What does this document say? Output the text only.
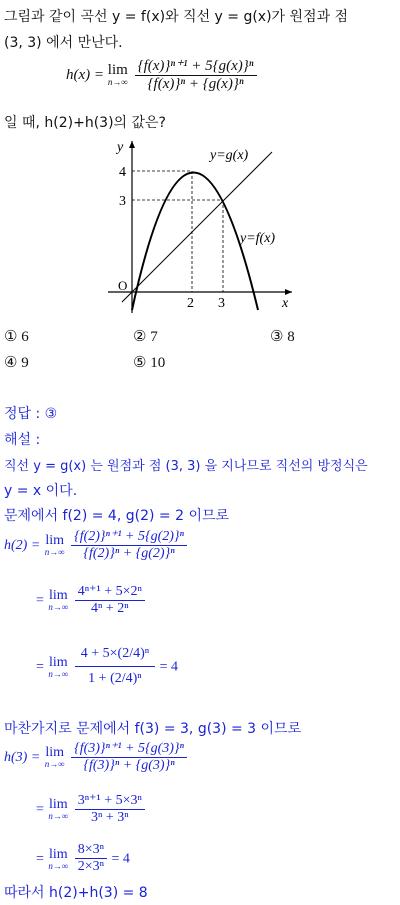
그림과 같이 곡선 y = f(x)와 직선 y = g(x)가 원점과 점
(3, 3) 에서 만난다.
h(x) = lim
n→∞
$\frac{\text{\{f(x)\}ⁿ⁺¹ + 5\{g(x)\}ⁿ}}{\text{\{f(x)\}ⁿ + \{g(x)\}ⁿ}}$
일 때, h(2)+h(3)의 값은?
y
x
O
4
3
2 3
y=g(x)
y=f(x)
① 6	② 7	③ 8
④ 9	⑤ 10
정답 : ③
해설 :
직선 y = g(x) 는 원점과 점 (3, 3) 을 지나므로 직선의 방정식은
y = x 이다.
문제에서 f(2) = 4, g(2) = 2 이므로
h(2) = lim
n→∞
$\frac{\text{\{f(2)\}ⁿ⁺¹ + 5\{g(2)\}ⁿ}}{\text{\{f(2)\}ⁿ + \{g(2)\}ⁿ}}$
= lim
n→∞
$\frac{\text{4ⁿ⁺¹ + 5×2ⁿ}}{\text{4ⁿ + 2ⁿ}}$
= lim
n→∞
$\frac{\text{4 + 5×(2/4)ⁿ}}{\text{1 + (2/4)ⁿ}} = 4$
마찬가지로 문제에서 f(3) = 3, g(3) = 3 이므로
h(3) = lim
n→∞
$\frac{\text{\{f(3)\}ⁿ⁺¹ + 5\{g(3)\}ⁿ}}{\text{\{f(3)\}ⁿ + \{g(3)\}ⁿ}}$
= lim
n→∞
$\frac{\text{3ⁿ⁺¹ + 5×3ⁿ}}{\text{3ⁿ + 3ⁿ}}$
= lim
n→∞
$\frac{\text{8×3ⁿ}}{\text{2×3ⁿ}} = 4$
따라서 h(2)+h(3) = 8
